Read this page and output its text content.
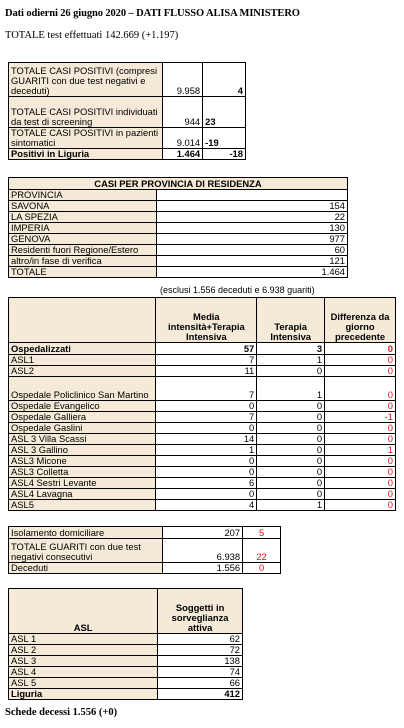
Dati odierni 26 giugno 2020 – DATI FLUSSO ALISA MINISTERO
TOTALE test effettuati 142.669 (+1.197)
TOTALE CASI POSITIVI (compresi GUARITI con due test negativi e deceduti)	9.958	4
TOTALE CASI POSITIVI individuati da test di screening	944	23
TOTALE CASI POSITIVI in pazienti sintomatici	9.014	-19
Positivi in Liguria	1.464	-18
CASI PER PROVINCIA DI RESIDENZA	
PROVINCIA	
SAVONA	154
LA SPEZIA	22
IMPERIA	130
GENOVA	977
Residenti fuori Regione/Estero	60
altro/in fase di verifica	121
TOTALE	1.464
(esclusi 1.556 deceduti e 6.938 guariti)
	Media intensità+Terapia Intensiva	Terapia Intensiva	Differenza da giorno precedente
Ospedalizzati	57	3	0
ASL1	7	1	0
ASL2	11	0	0
Ospedale Policlinico San Martino	7	1	0
Ospedale Evangelico	0	0	0
Ospedale Galliera	7	0	-1
Ospedale Gaslini	0	0	0
ASL 3 Villa Scassi	14	0	0
ASL 3 Gallino	1	0	1
ASL3 Micone	0	0	0
ASL3 Colletta	0	0	0
ASL4 Sestri Levante	6	0	0
ASL4 Lavagna	0	0	0
ASL5	4	1	0
Isolamento domiciliare	207	5
TOTALE GUARITI con due test negativi consecutivi	6.938	22
Deceduti	1.556	0
ASL	Soggetti in sorveglianza attiva
ASL 1	62
ASL 2	72
ASL 3	138
ASL 4	74
ASL 5	66
Liguria	412
Schede decessi 1.556 (+0)
